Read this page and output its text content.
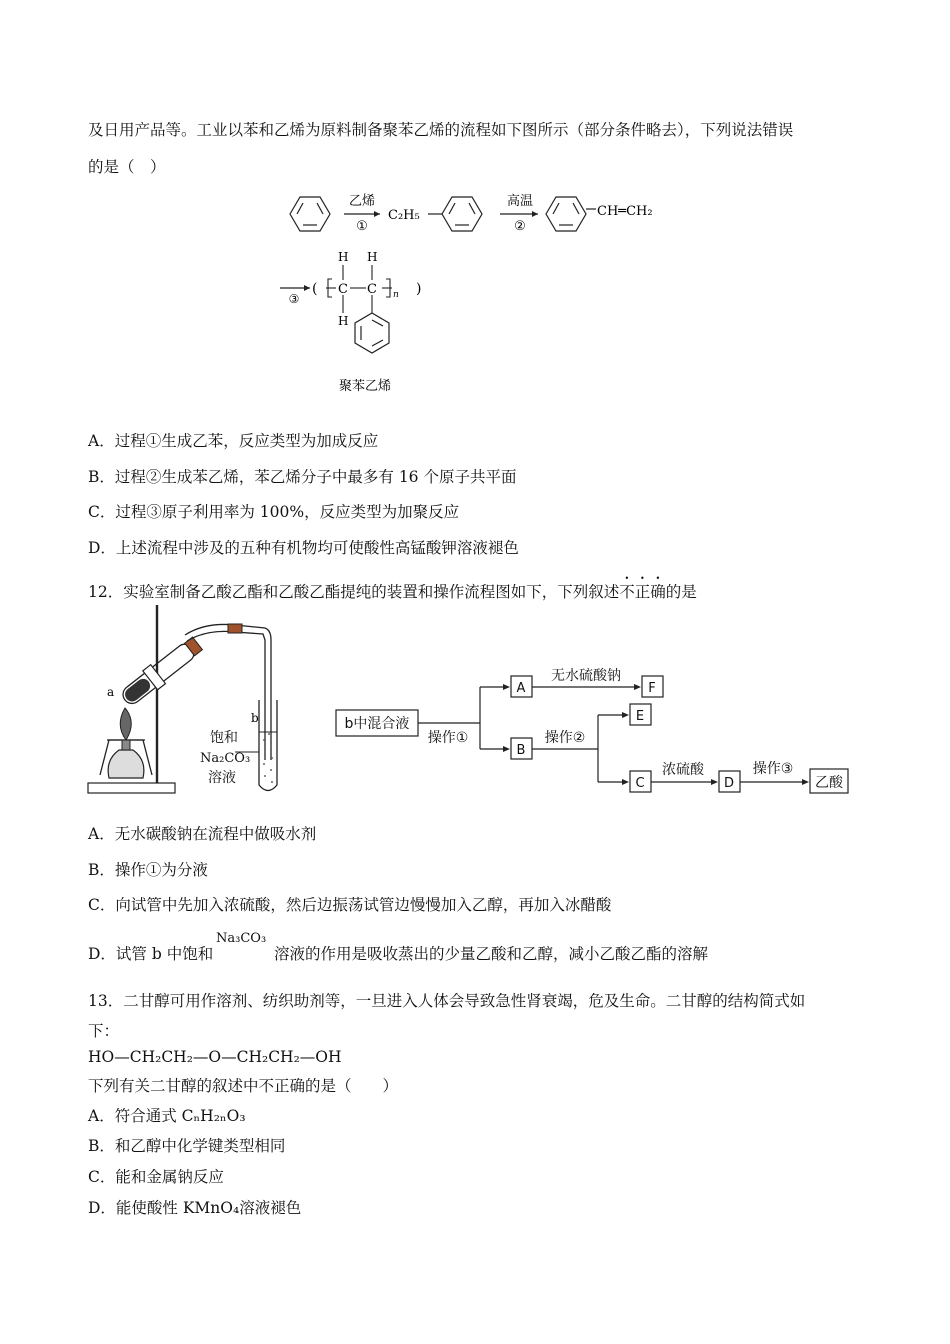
及日用产品等。工业以苯和乙烯为原料制备聚苯乙烯的流程如下图所示（部分条件略去），下列说法错误
的是（　）
乙烯
①
C₂H₅
高温
②
CH═CH₂
③
(	)
n
C C
H H
H
聚苯乙烯
A．过程①生成乙苯，反应类型为加成反应
B．过程②生成苯乙烯，苯乙烯分子中最多有 16 个原子共平面
C．过程③原子利用率为 100%，反应类型为加聚反应
D．上述流程中涉及的五种有机物均可使酸性高锰酸钾溶液褪色
12．实验室制备乙酸乙酯和乙酸乙酯提纯的装置和操作流程图如下，下列叙述不正确的是
a
b
饱和
Na₂CO₃
溶液
b中混合液
操作①
A
无水硫酸钠
F
B
操作②
E
C
浓硫酸
D
操作③
乙酸
A．无水碳酸钠在流程中做吸水剂
B．操作①为分液
C．向试管中先加入浓硫酸，然后边振荡试管边慢慢加入乙醇，再加入冰醋酸
D．试管 b 中饱和
Na₃CO₃
溶液的作用是吸收蒸出的少量乙酸和乙醇，减小乙酸乙酯的溶解
13．二甘醇可用作溶剂、纺织助剂等，一旦进入人体会导致急性肾衰竭，危及生命。二甘醇的结构简式如
下：
HO—CH₂CH₂—O—CH₂CH₂—OH
下列有关二甘醇的叙述中不正确的是（　　）
A．符合通式 CₙH₂ₙO₃
B．和乙醇中化学键类型相同
C．能和金属钠反应
D．能使酸性 KMnO₄溶液褪色
